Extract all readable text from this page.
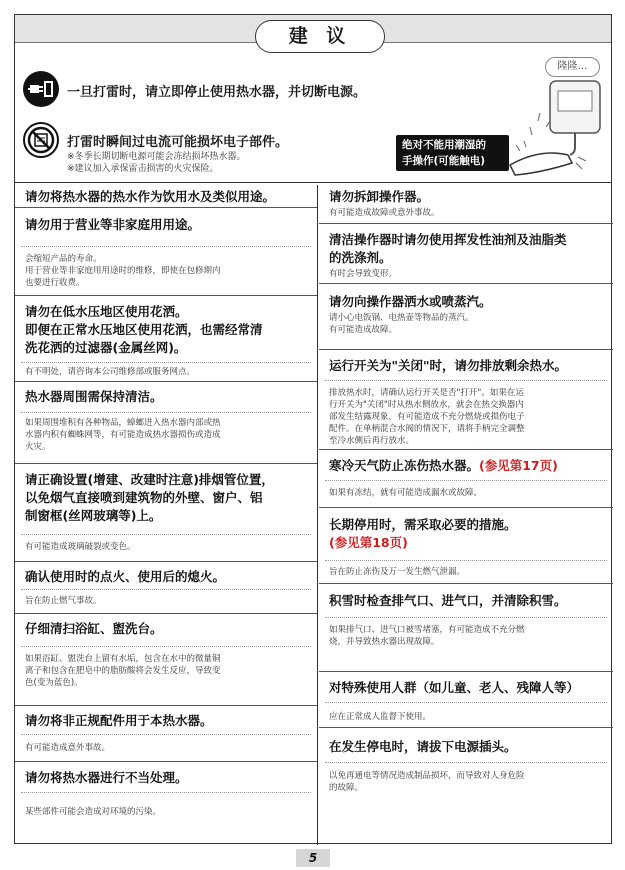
建 议
一旦打雷时，请立即停止使用热水器，并切断电源。
打雷时瞬间过电流可能损坏电子部件。
※冬季长期切断电源可能会冻结损坏热水器。
※建议加入承保雷击损害的火灾保险。
隆隆…
绝对不能用潮湿的
手操作(可能触电)
请勿将热水器的热水作为饮用水及类似用途。
请勿用于营业等非家庭用用途。
会缩短产品的寿命。
用于营业等非家庭用用途时的维修，即使在包修期内
也要进行收费。
请勿在低水压地区使用花洒。
即便在正常水压地区使用花洒，也需经常清
洗花洒的过滤器(金属丝网)。
有不明处，请咨询本公司维修部或服务网点。
热水器周围需保持清洁。
如果周围堆积有各种物品，蟑螂进入热水器内部或热
水器内积有蜘蛛网等，有可能造成热水器损伤或造成
火灾。
请正确设置(增建、改建时注意)排烟管位置，
以免烟气直接喷到建筑物的外壁、窗户、铝
制窗框(丝网玻璃等)上。
有可能造成玻璃破裂或变色。
确认使用时的点火、使用后的熄火。
旨在防止燃气事故。
仔细清扫浴缸、盥洗台。
如果浴缸、盥洗台上留有水垢，包含在水中的微量铜
离子和包含在肥皂中的脂肪酸将会发生反应，导致变
色(变为蓝色)。
请勿将非正规配件用于本热水器。
有可能造成意外事故。
请勿将热水器进行不当处理。
某些部件可能会造成对环境的污染。
请勿拆卸操作器。
有可能造成故障或意外事故。
清洁操作器时请勿使用挥发性油剂及油脂类
的洗涤剂。
有时会导致变形。
请勿向操作器洒水或喷蒸汽。
请小心电饭锅、电热壶等物品的蒸汽。
有可能造成故障。
运行开关为"关闭"时，请勿排放剩余热水。
排放热水时，请确认运行开关是否"打开"。如果在运
行开关为"关闭"时从热水侧放水，就会在热交换器内
部发生结露现象，有可能造成不充分燃烧或损伤电子
配件。在单柄混合水阀的情况下，请将手柄完全调整
至冷水侧后再行放水。
寒冷天气防止冻伤热水器。(参见第17页)
如果有冻结，就有可能造成漏水或故障。
长期停用时，需采取必要的措施。
(参见第18页)
旨在防止冻伤及万一发生燃气泄漏。
积雪时检查排气口、进气口，并清除积雪。
如果排气口、进气口被雪堵塞，有可能造成不充分燃
烧，并导致热水器出现故障。
对特殊使用人群（如儿童、老人、残障人等）
应在正常成人监督下使用。
在发生停电时，请拔下电源插头。
以免再通电等情况造成制品损坏，而导致对人身危险
的故障。
5
